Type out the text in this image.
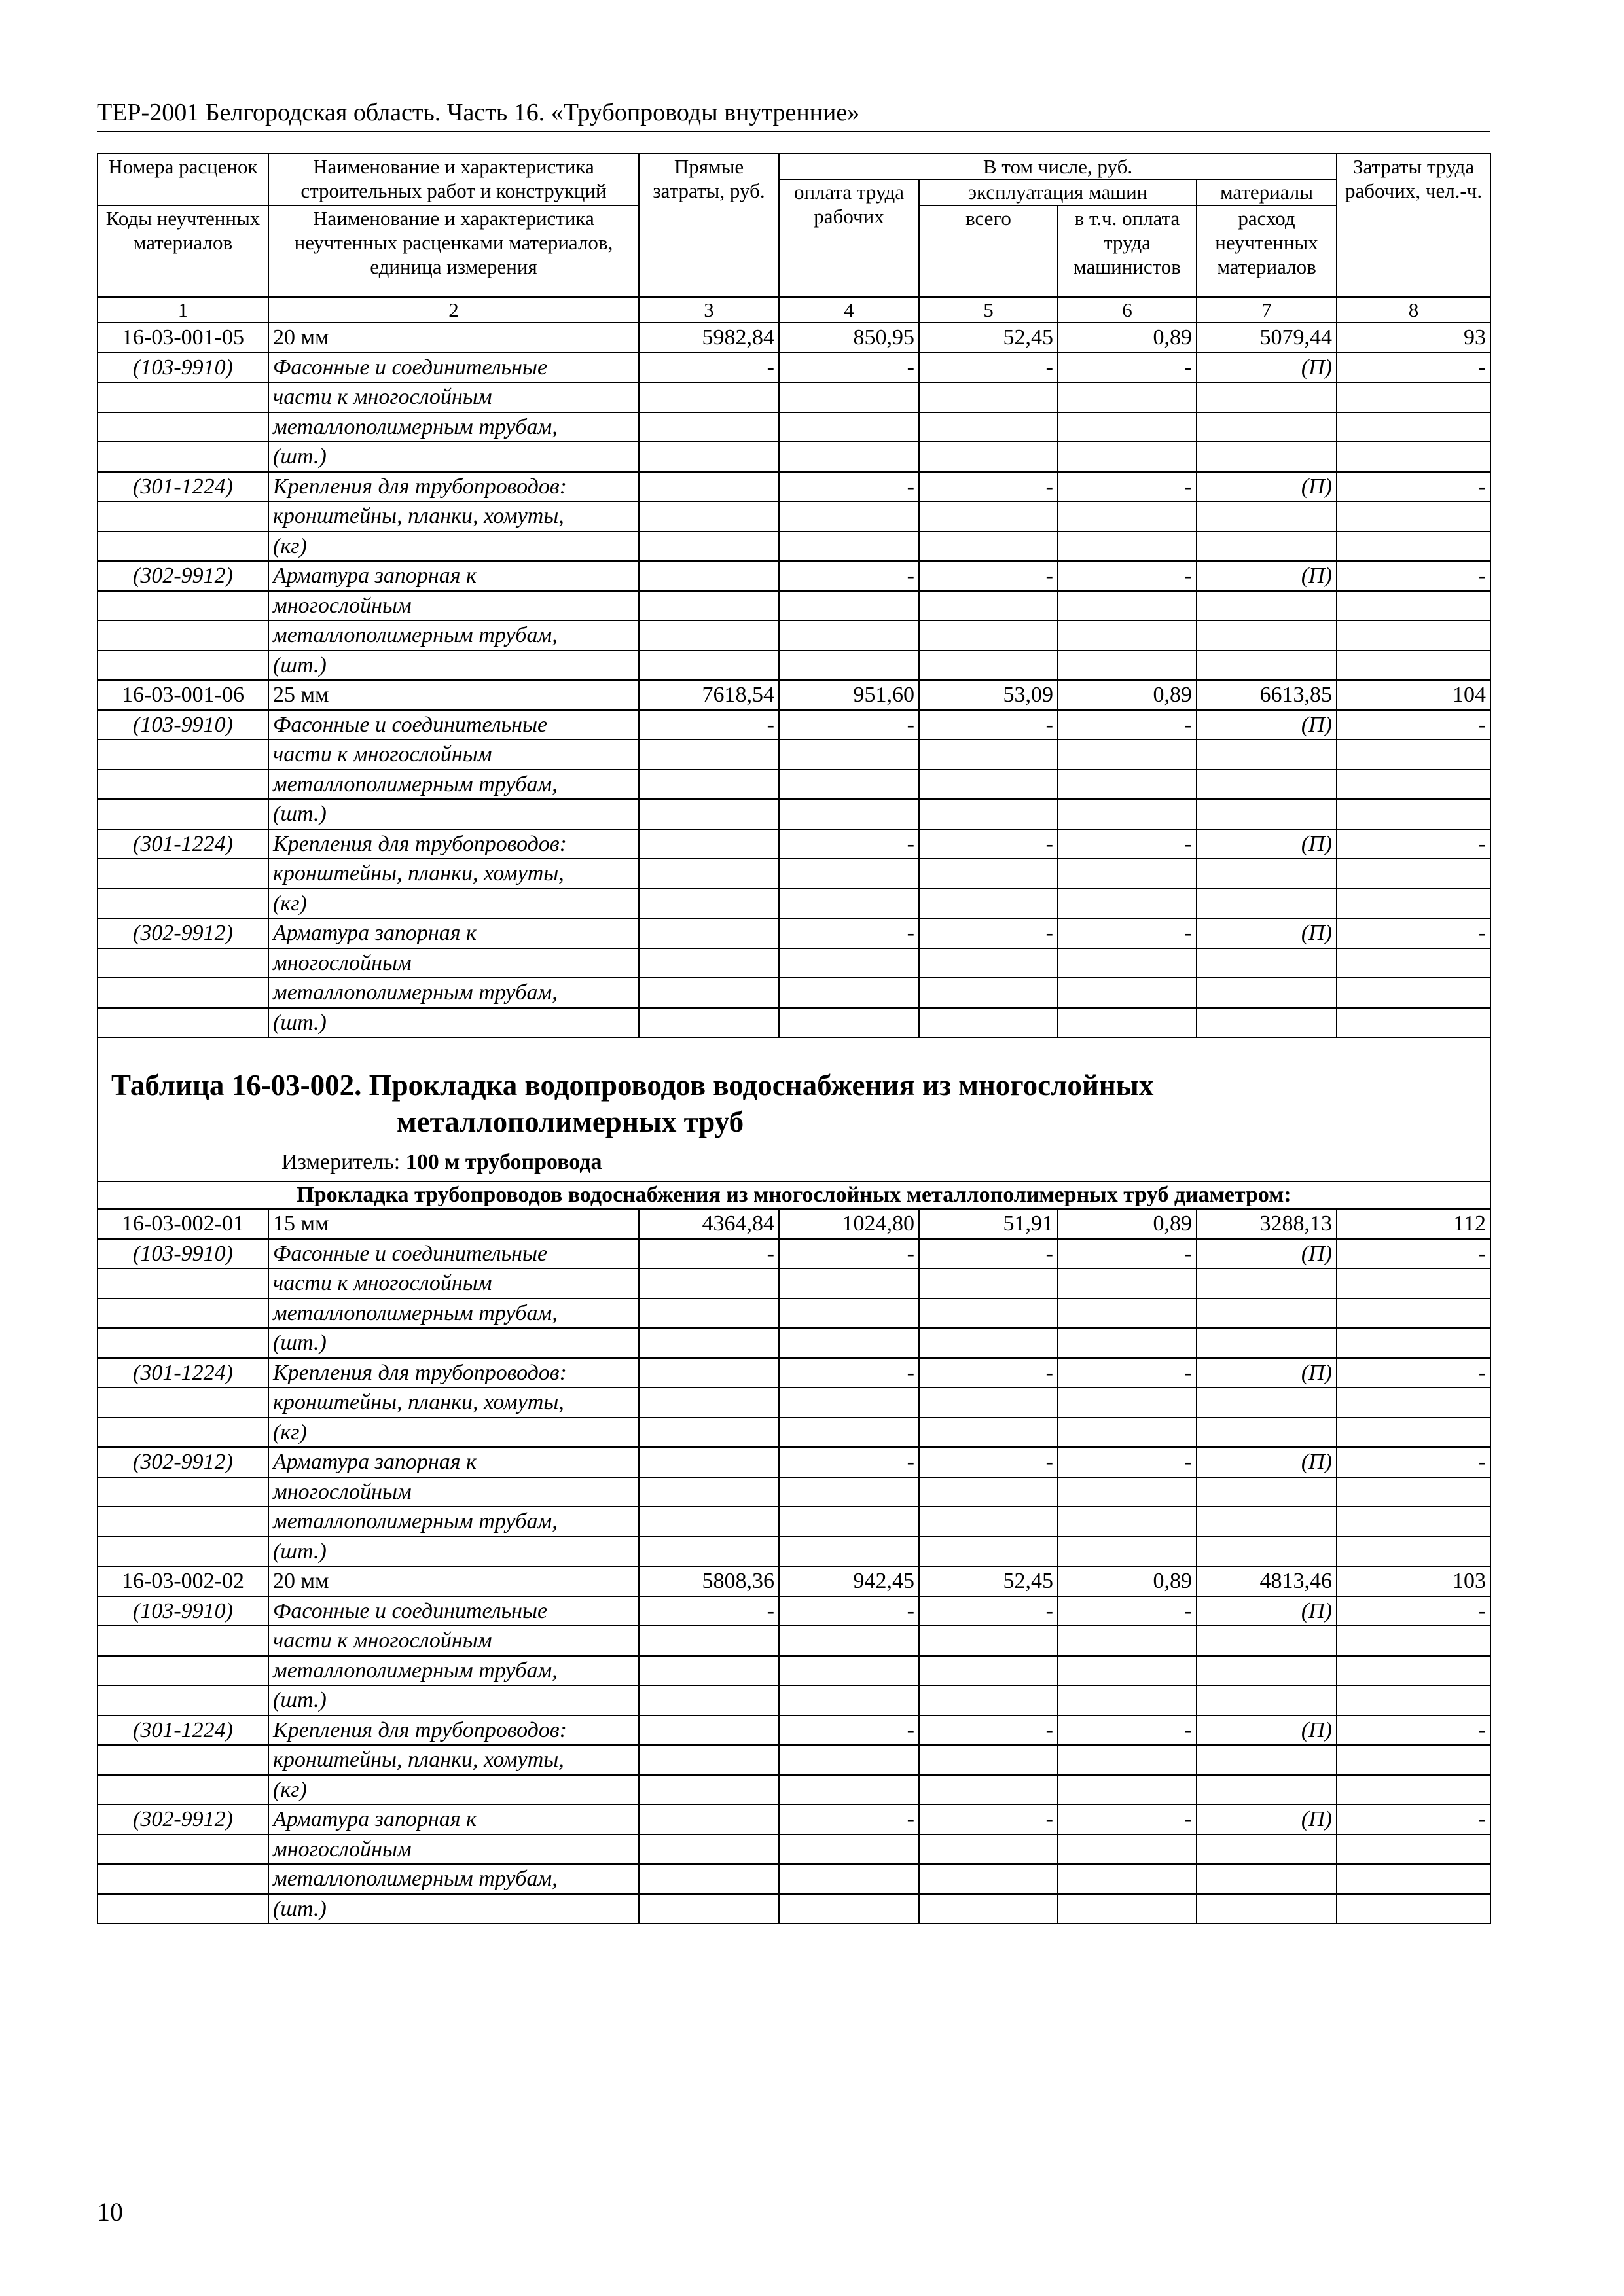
ТЕР-2001 Белгородская область. Часть 16. «Трубопроводы внутренние»
Номера расценок	Наименование и характеристика строительных работ и конструкций	Прямые затраты, руб.	В том числе, руб.				Затраты труда рабочих, чел.-ч.
			оплата труда рабочих	эксплуатация машин		материалы	
Коды неучтенных материалов	Наименование и характеристика неучтенных расценками материалов, единица измерения			всего	в т.ч. оплата труда машинистов	расход неучтенных материалов	

1	2	3	4	5	6	7	8
16-03-001-05	20 мм	5982,84	850,95	52,45	0,89	5079,44	93
(103-9910)	Фасонные и соединительные	-	-	-	-	(П)	-
	части к многослойным						
	металлополимерным трубам,						
	(шт.)						
(301-1224)	Крепления для трубопроводов:		-	-	-	(П)	-
	кронштейны, планки, хомуты,						
	(кг)						
(302-9912)	Арматура запорная к		-	-	-	(П)	-
	многослойным						
	металлополимерным трубам,						
	(шт.)						
16-03-001-06	25 мм	7618,54	951,60	53,09	0,89	6613,85	104
(103-9910)	Фасонные и соединительные	-	-	-	-	(П)	-
	части к многослойным						
	металлополимерным трубам,						
	(шт.)						
(301-1224)	Крепления для трубопроводов:		-	-	-	(П)	-
	кронштейны, планки, хомуты,						
	(кг)						
(302-9912)	Арматура запорная к		-	-	-	(П)	-
	многослойным						
	металлополимерным трубам,						
	(шт.)						

Таблица 16-03-002. Прокладка водопроводов водоснабжения из многослойных
металлополимерных труб
Измеритель: 100 м трубопровода							

Прокладка трубопроводов водоснабжения из многослойных металлополимерных труб диаметром:							
16-03-002-01	15 мм	4364,84	1024,80	51,91	0,89	3288,13	112
(103-9910)	Фасонные и соединительные	-	-	-	-	(П)	-
	части к многослойным						
	металлополимерным трубам,						
	(шт.)						
(301-1224)	Крепления для трубопроводов:		-	-	-	(П)	-
	кронштейны, планки, хомуты,						
	(кг)						
(302-9912)	Арматура запорная к		-	-	-	(П)	-
	многослойным						
	металлополимерным трубам,						
	(шт.)						
16-03-002-02	20 мм	5808,36	942,45	52,45	0,89	4813,46	103
(103-9910)	Фасонные и соединительные	-	-	-	-	(П)	-
	части к многослойным						
	металлополимерным трубам,						
	(шт.)						
(301-1224)	Крепления для трубопроводов:		-	-	-	(П)	-
	кронштейны, планки, хомуты,						
	(кг)						
(302-9912)	Арматура запорная к		-	-	-	(П)	-
	многослойным						
	металлополимерным трубам,						
	(шт.)						
10
